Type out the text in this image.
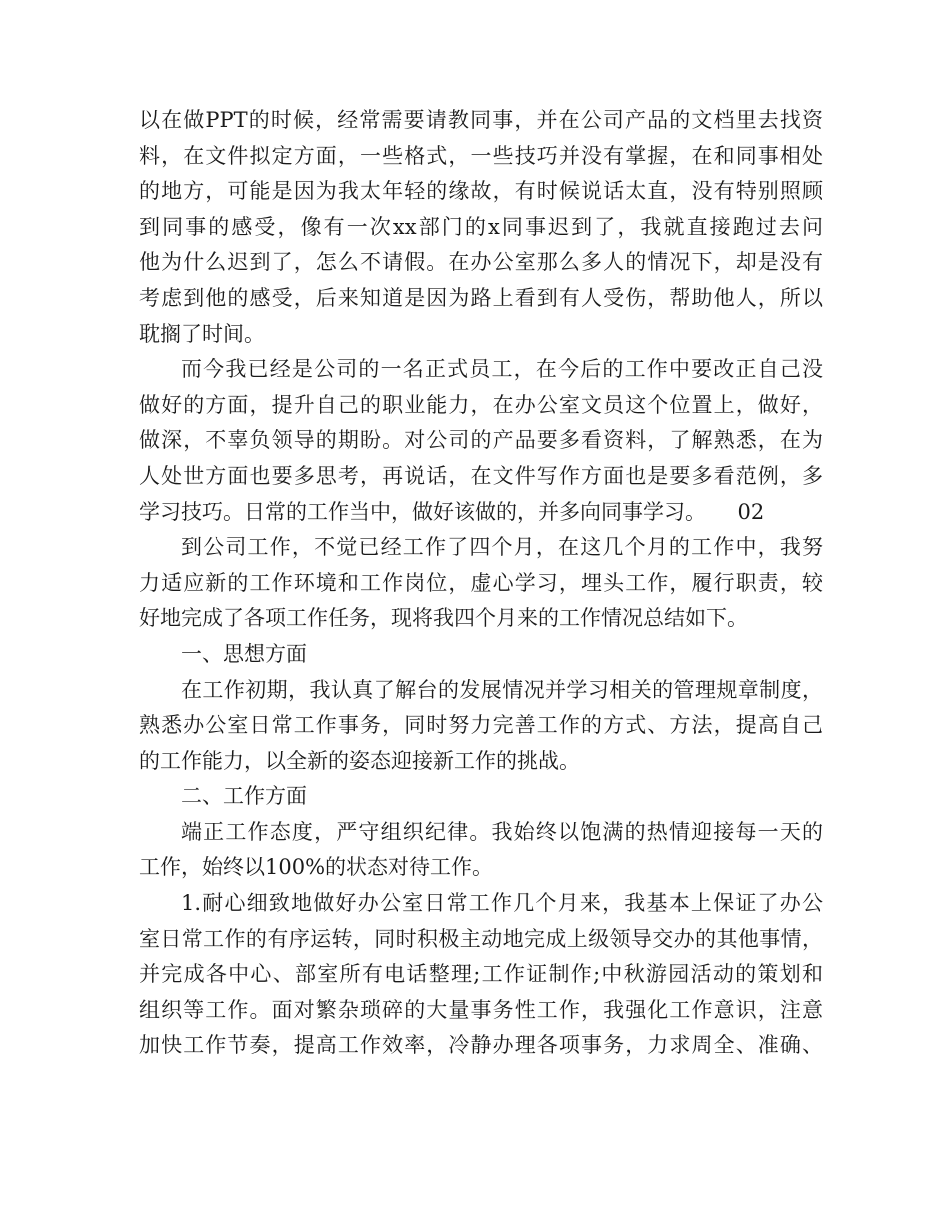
以在做PPT的时候，经常需要请教同事，并在公司产品的文档里去找资
料，在文件拟定方面，一些格式，一些技巧并没有掌握，在和同事相处
的地方，可能是因为我太年轻的缘故，有时候说话太直，没有特别照顾
到同事的感受，像有一次xx部门的x同事迟到了，我就直接跑过去问
他为什么迟到了，怎么不请假。在办公室那么多人的情况下，却是没有
考虑到他的感受，后来知道是因为路上看到有人受伤，帮助他人，所以
耽搁了时间。
而今我已经是公司的一名正式员工，在今后的工作中要改正自己没
做好的方面，提升自己的职业能力，在办公室文员这个位置上，做好，
做深，不辜负领导的期盼。对公司的产品要多看资料，了解熟悉，在为
人处世方面也要多思考，再说话，在文件写作方面也是要多看范例，多
学习技巧。日常的工作当中，做好该做的，并多向同事学习。　　02
到公司工作，不觉已经工作了四个月，在这几个月的工作中，我努
力适应新的工作环境和工作岗位，虚心学习，埋头工作，履行职责，较
好地完成了各项工作任务，现将我四个月来的工作情况总结如下。
一、思想方面
在工作初期，我认真了解台的发展情况并学习相关的管理规章制度，
熟悉办公室日常工作事务，同时努力完善工作的方式、方法，提高自己
的工作能力，以全新的姿态迎接新工作的挑战。
二、工作方面
端正工作态度，严守组织纪律。我始终以饱满的热情迎接每一天的
工作，始终以100%的状态对待工作。
1.耐心细致地做好办公室日常工作几个月来，我基本上保证了办公
室日常工作的有序运转，同时积极主动地完成上级领导交办的其他事情，
并完成各中心、部室所有电话整理;工作证制作;中秋游园活动的策划和
组织等工作。面对繁杂琐碎的大量事务性工作，我强化工作意识，注意
加快工作节奏，提高工作效率，冷静办理各项事务，力求周全、准确、
